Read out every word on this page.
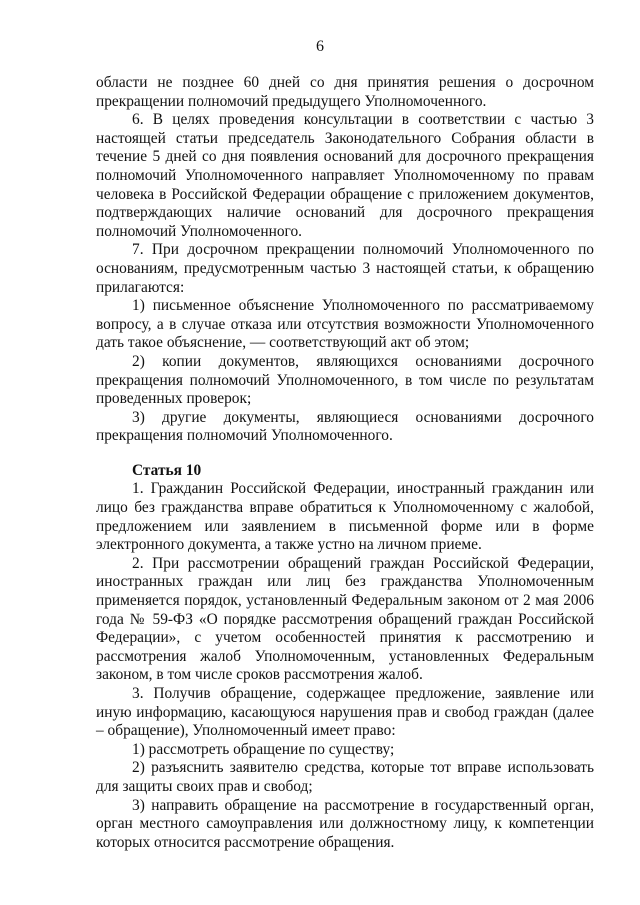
6

области не позднее 60 дней со дня принятия решения о досрочном прекращении полномочий предыдущего Уполномоченного.

6. В целях проведения консультации в соответствии с частью 3 настоящей статьи председатель Законодательного Собрания области в течение 5 дней со дня появления оснований для досрочного прекращения полномочий Уполномоченного направляет Уполномоченному по правам человека в Российской Федерации обращение с приложением документов, подтверждающих наличие оснований для досрочного прекращения полномочий Уполномоченного.

7. При досрочном прекращении полномочий Уполномоченного по основаниям, предусмотренным частью 3 настоящей статьи, к обращению прилагаются:

1) письменное объяснение Уполномоченного по рассматриваемому вопросу, а в случае отказа или отсутствия возможности Уполномоченного дать такое объяснение, — соответствующий акт об этом;

2) копии документов, являющихся основаниями досрочного прекращения полномочий Уполномоченного, в том числе по результатам проведенных проверок;

3) другие документы, являющиеся основаниями досрочного прекращения полномочий Уполномоченного.

Статья 10

1. Гражданин Российской Федерации, иностранный гражданин или лицо без гражданства вправе обратиться к Уполномоченному с жалобой, предложением или заявлением в письменной форме или в форме электронного документа, а также устно на личном приеме.

2. При рассмотрении обращений граждан Российской Федерации, иностранных граждан или лиц без гражданства Уполномоченным применяется порядок, установленный Федеральным законом от 2 мая 2006 года № 59-ФЗ «О порядке рассмотрения обращений граждан Российской Федерации», с учетом особенностей принятия к рассмотрению и рассмотрения жалоб Уполномоченным, установленных Федеральным законом, в том числе сроков рассмотрения жалоб.

3. Получив обращение, содержащее предложение, заявление или иную информацию, касающуюся нарушения прав и свобод граждан (далее – обращение), Уполномоченный имеет право:

1) рассмотреть обращение по существу;

2) разъяснить заявителю средства, которые тот вправе использовать для защиты своих прав и свобод;

3) направить обращение на рассмотрение в государственный орган, орган местного самоуправления или должностному лицу, к компетенции которых относится рассмотрение обращения.
